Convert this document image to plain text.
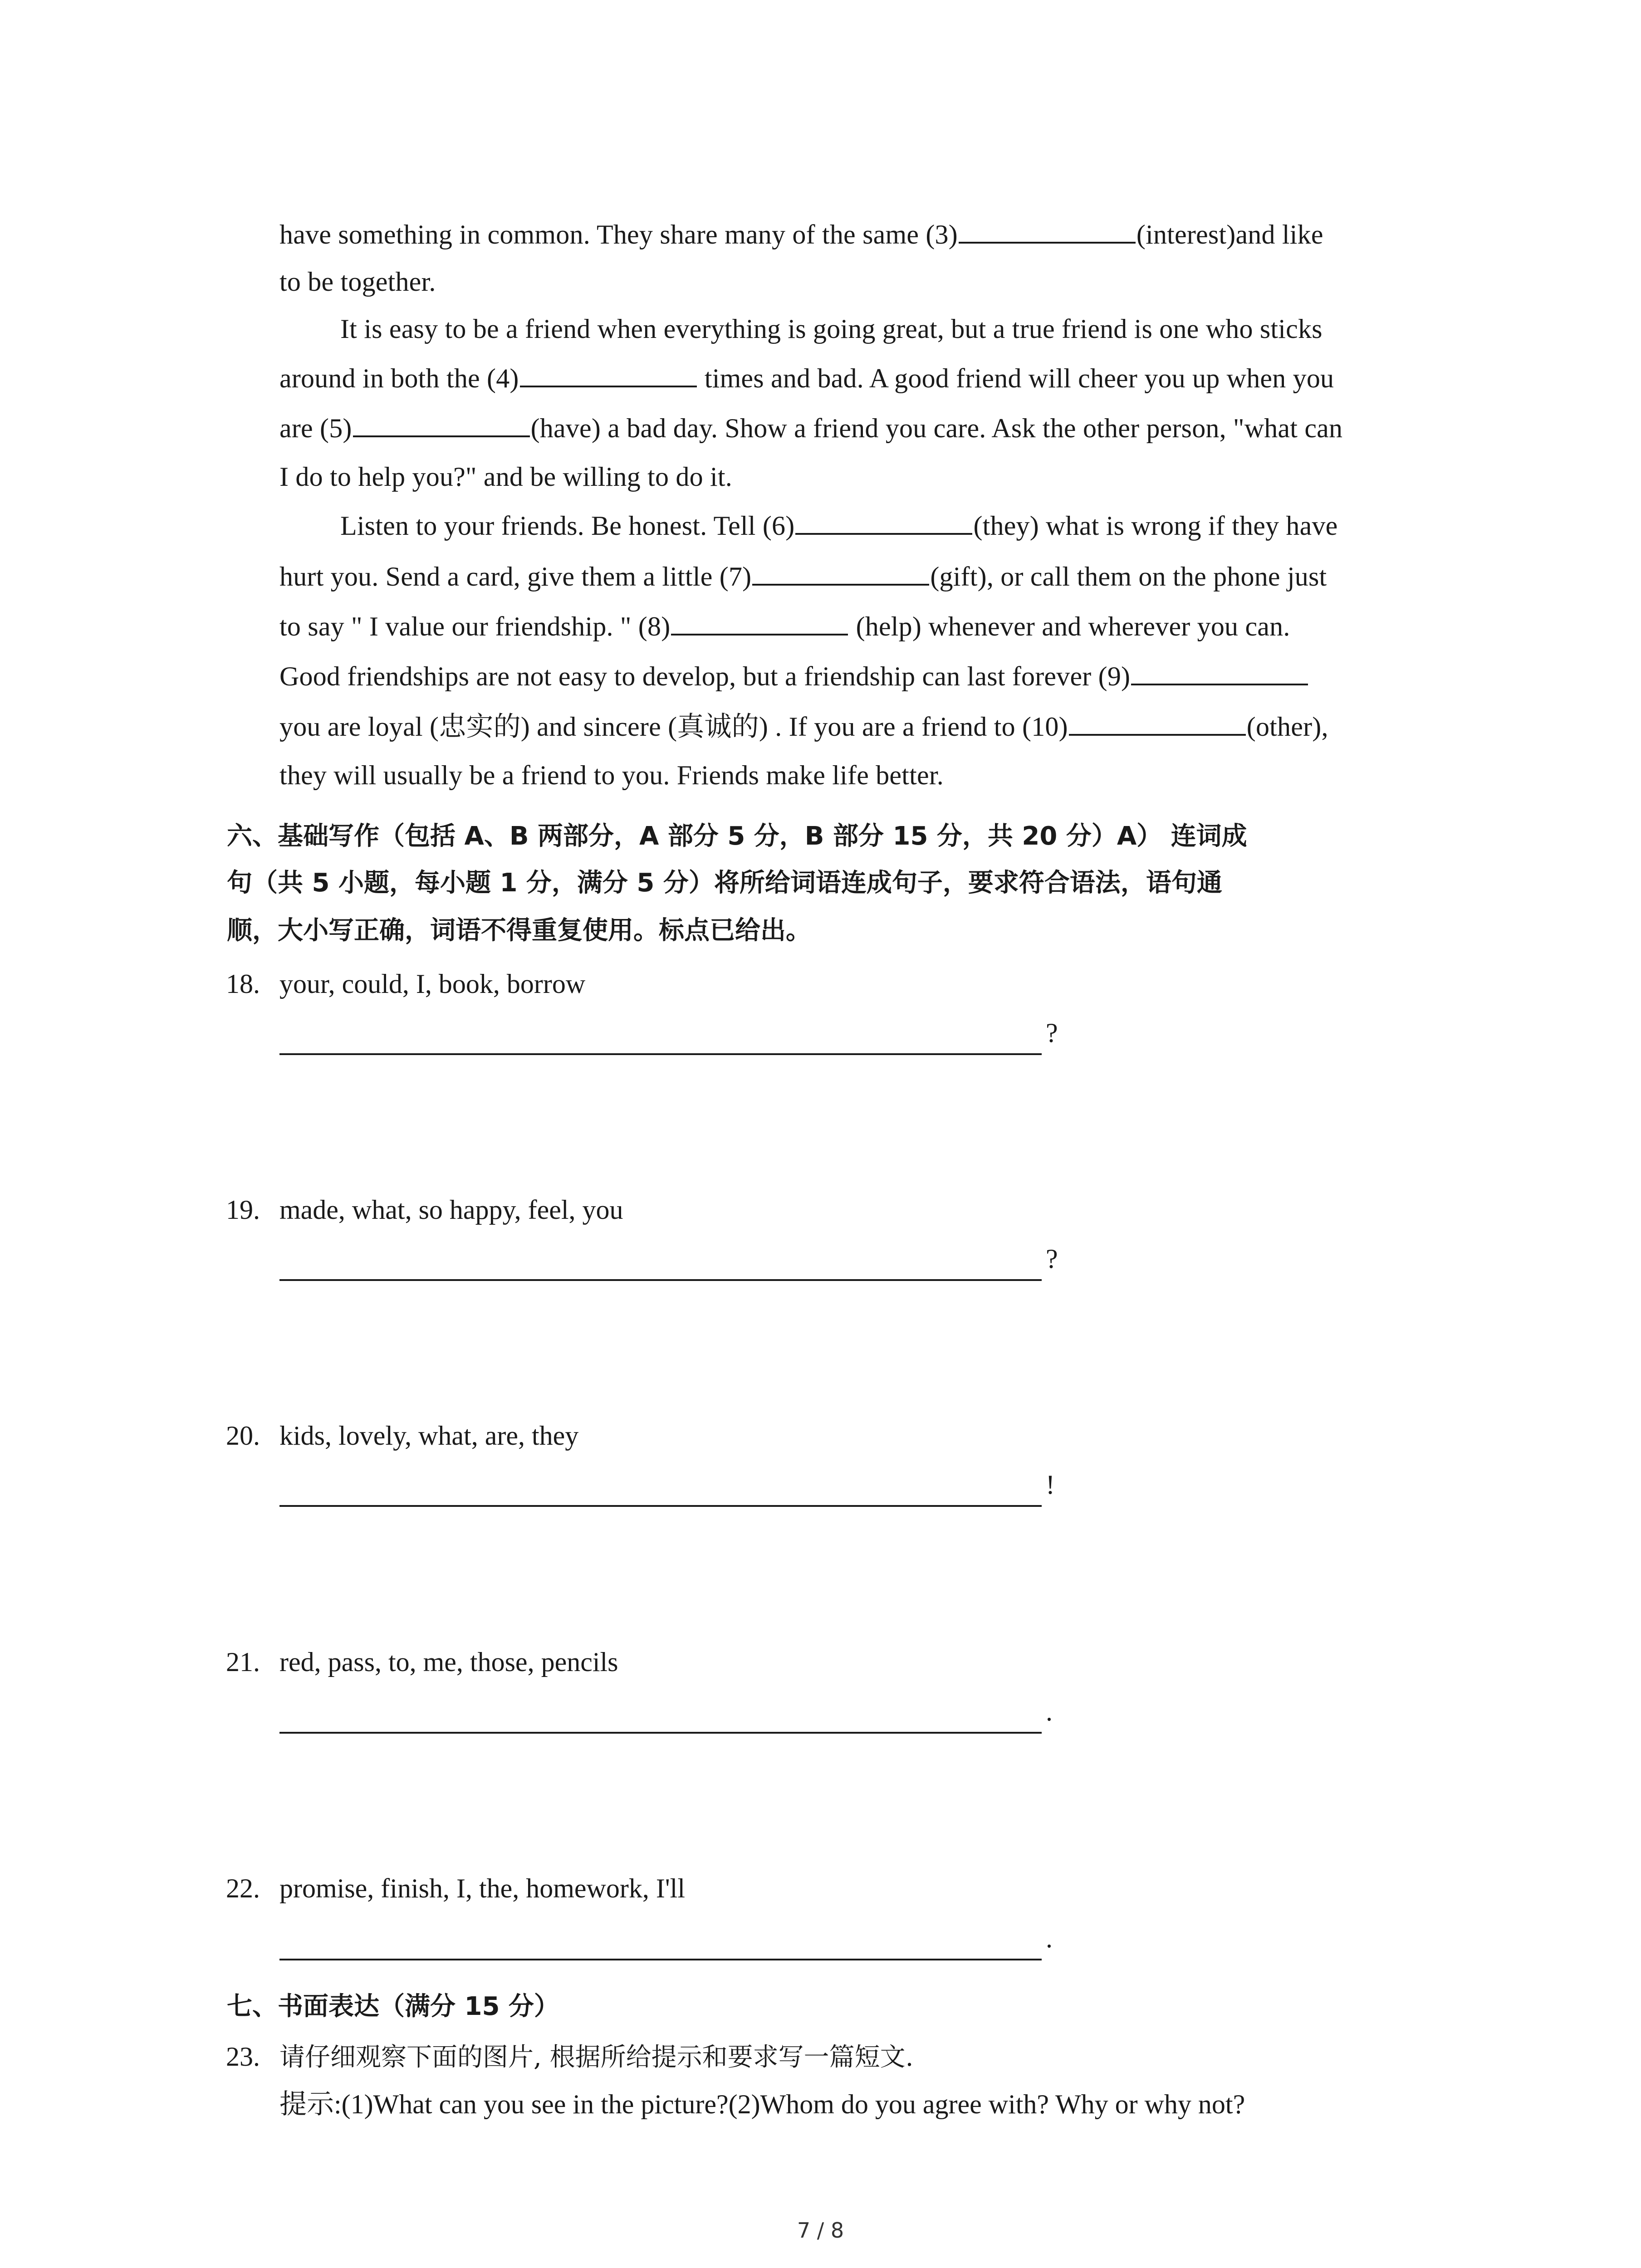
have something in common. They share many of the same (3)	(interest)and like
to be together.
It is easy to be a friend when everything is going great, but a true friend is one who sticks
around in both the (4)	times and bad. A good friend will cheer you up when you
are (5)	(have) a bad day. Show a friend you care. Ask the other person, "what can
I do to help you?" and be willing to do it.
Listen to your friends. Be honest. Tell (6)	(they) what is wrong if they have
hurt you. Send a card, give them a little (7)	(gift), or call them on the phone just
to say " I value our friendship. " (8)	(help) whenever and wherever you can.
Good friendships are not easy to develop, but a friendship can last forever (9)
you are loyal (忠实的) and sincere (真诚的) . If you are a friend to (10)	(other),
they will usually be a friend to you. Friends make life better.
六、基础写作（包括 A、B 两部分，A 部分 5 分，B 部分 15 分，共 20 分）A） 连词成
句（共 5 小题，每小题 1 分，满分 5 分）将所给词语连成句子，要求符合语法，语句通
顺，大小写正确，词语不得重复使用。标点已给出。
18. your, could, I, book, borrow
?
19. made, what, so happy, feel, you
?
20. kids, lovely, what, are, they
!
21. red, pass, to, me, those, pencils
.
22. promise, finish, I, the, homework, I'll
.
七、书面表达（满分 15 分）
23. 请仔细观察下面的图片, 根据所给提示和要求写一篇短文.
提示:(1)What can you see in the picture?(2)Whom do you agree with? Why or why not?
7 / 8
